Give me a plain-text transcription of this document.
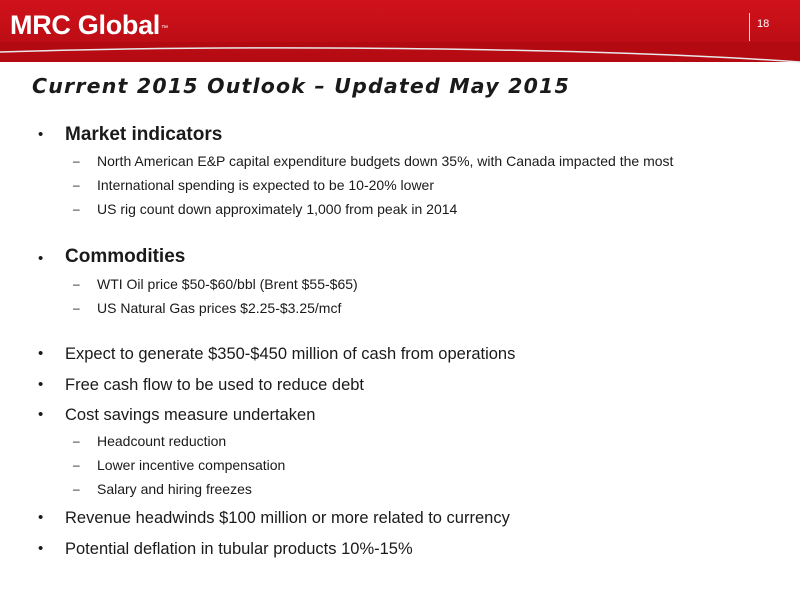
MRC Global™	18
Current 2015 Outlook – Updated May 2015
• Market indicators
– North American E&P capital expenditure budgets down 35%, with Canada impacted the most
– International spending is expected to be 10-20% lower
– US rig count down approximately 1,000 from peak in 2014
• Commodities
– WTI Oil price $50-$60/bbl (Brent $55-$65)
– US Natural Gas prices $2.25-$3.25/mcf
• Expect to generate $350-$450 million of cash from operations
• Free cash flow to be used to reduce debt
• Cost savings measure undertaken
– Headcount reduction
– Lower incentive compensation
– Salary and hiring freezes
• Revenue headwinds $100 million or more related to currency
• Potential deflation in tubular products 10%-15%
